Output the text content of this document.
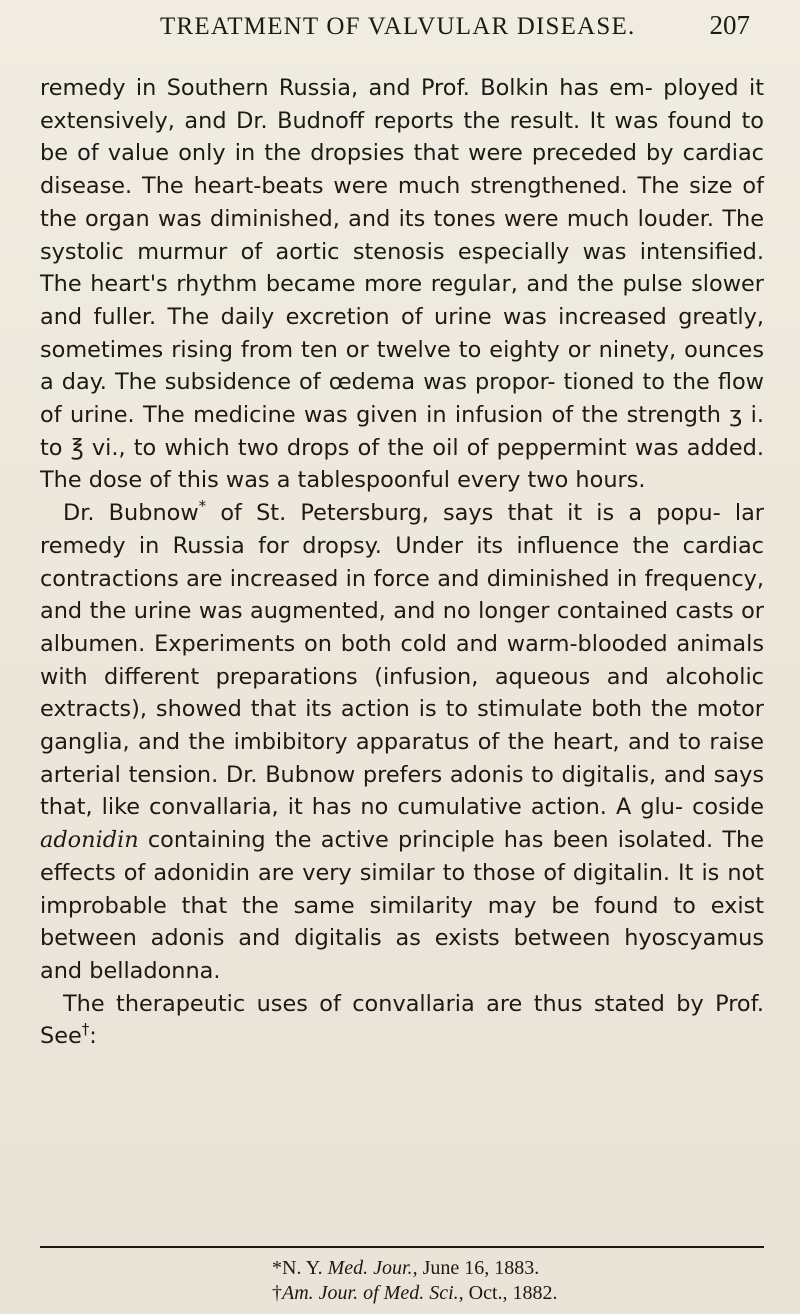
TREATMENT OF VALVULAR DISEASE.	207

remedy in Southern Russia, and Prof. Bolkin has em- ployed it extensively, and Dr. Budnoff reports the result. It was found to be of value only in the dropsies that were preceded by cardiac disease. The heart-beats were much strengthened. The size of the organ was diminished, and its tones were much louder. The systolic murmur of aortic stenosis especially was intensified. The heart's rhythm became more regular, and the pulse slower and fuller. The daily excretion of urine was increased greatly, sometimes rising from ten or twelve to eighty or ninety, ounces a day. The subsidence of œdema was propor- tioned to the flow of urine. The medicine was given in infusion of the strength ʒ i. to ℥ vi., to which two drops of the oil of peppermint was added. The dose of this was a tablespoonful every two hours.

Dr. Bubnow* of St. Petersburg, says that it is a popu- lar remedy in Russia for dropsy. Under its influence the cardiac contractions are increased in force and diminished in frequency, and the urine was augmented, and no longer contained casts or albumen. Experiments on both cold and warm-blooded animals with different preparations (infusion, aqueous and alcoholic extracts), showed that its action is to stimulate both the motor ganglia, and the imbibitory apparatus of the heart, and to raise arterial tension. Dr. Bubnow prefers adonis to digitalis, and says that, like convallaria, it has no cumulative action. A glu- coside adonidin containing the active principle has been isolated. The effects of adonidin are very similar to those of digitalin. It is not improbable that the same similarity may be found to exist between adonis and digitalis as exists between hyoscyamus and belladonna.

The therapeutic uses of convallaria are thus stated by Prof. See†:

*N. Y. Med. Jour., June 16, 1883.
†Am. Jour. of Med. Sci., Oct., 1882.
